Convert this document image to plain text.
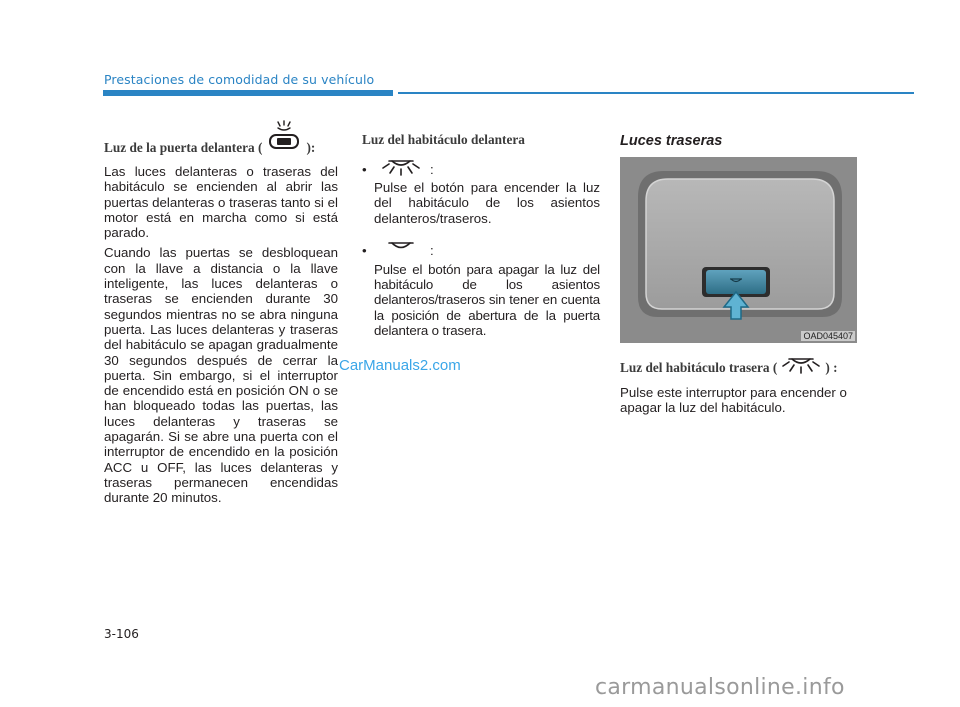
Prestaciones de comodidad de su vehículo
Luz de la puerta delantera (	):

Las luces delanteras o traseras del habitáculo se encienden al abrir las puertas delanteras o traseras tanto si el motor está en marcha como si está parado.

Cuando las puertas se desbloquean con la llave a distancia o la llave inteligente, las luces delanteras o traseras se encienden durante 30 segundos mientras no se abra ninguna puerta. Las luces delanteras y traseras del habitáculo se apagan gradualmente 30 segundos después de cerrar la puerta. Sin embargo, si el interruptor de encendido está en posición ON o se han bloqueado todas las puertas, las luces delanteras y traseras se apagarán. Si se abre una puerta con el interruptor de encendido en la posición ACC u OFF, las luces delanteras y traseras permanecen encendidas durante 20 minutos.

Luz del habitáculo delantera
•	:

Pulse el botón para encender la luz del habitáculo de los asientos delanteros/traseros.

•	:

Pulse el botón para apagar la luz del habitáculo de los asientos delanteros/traseros sin tener en cuenta la posición de abertura de la puerta delantera o trasera.

Luces traseras
OAD045407
Luz del habitáculo trasera (	) :

Pulse este interruptor para encender o apagar la luz del habitáculo.

CarManuals2.com
3-106
carmanualsonline.info
